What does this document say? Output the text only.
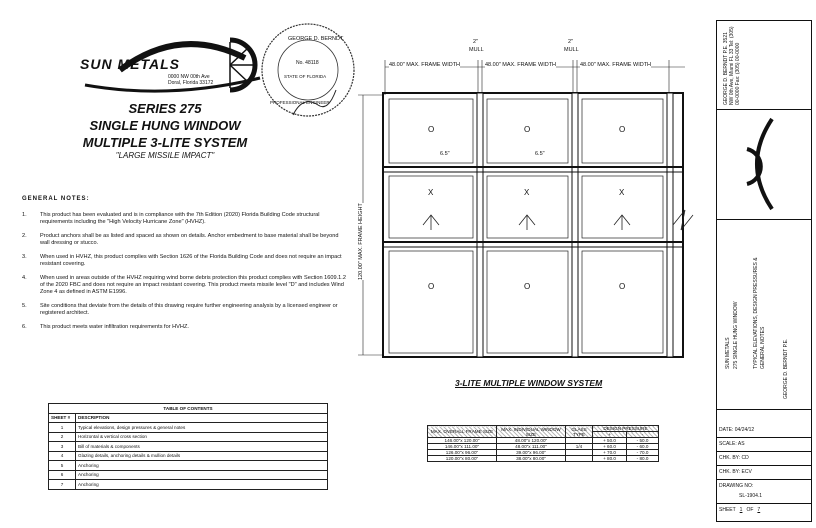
SUN METALS
0000 NW 00th Ave
Doral, Florida 33172
GEORGE D. BERNDT
No. 48118
STATE OF FLORIDA
PROFESSIONAL ENGINEER
SERIES 275
SINGLE HUNG WINDOW
MULTIPLE 3-LITE SYSTEM
"LARGE MISSILE IMPACT"
GENERAL NOTES:
1.	This product has been evaluated and is in compliance with the 7th Edition (2020) Florida Building Code structural requirements including the "High Velocity Hurricane Zone" (HVHZ).
2.	Product anchors shall be as listed and spaced as shown on details. Anchor embedment to base material shall be beyond wall dressing or stucco.
3.	When used in HVHZ, this product complies with Section 1626 of the Florida Building Code and does not require an impact resistant covering.
4.	When used in areas outside of the HVHZ requiring wind borne debris protection this product complies with Section 1609.1.2 of the 2020 FBC and does not require an impact resistant covering. This product meets missile level "D" and includes Wind Zone 4 as defined in ASTM E1996.
5.	Site conditions that deviate from the details of this drawing require further engineering analysis by a licensed engineer or registered architect.
6.	This product meets water infiltration requirements for HVHZ.
TABLE OF CONTENTS	
SHEET #	DESCRIPTION
1	Typical elevations, design pressures & general notes
2	Horizontal & vertical cross section
3	Bill of materials & components
4	Glazing details, anchoring details & mullion details
5	Anchoring
6	Anchoring
7	Anchoring
2"
MULL
2"
MULL
48.00" MAX. FRAME WIDTH	48.00" MAX. FRAME WIDTH	48.00" MAX. FRAME WIDTH
120.00" MAX. FRAME HEIGHT
6.5"	6.5"
O	O	O
X	X	X
O	O	O
3-LITE MULTIPLE WINDOW SYSTEM
MAX. OVERALL FRAME SIZE	MAX. INDIVIDUAL WINDOW SIZE	GLASS TYPE	DESIGN PRESSURE	
			+	-
146.00"x 120.00"	48.00"x 120.00"		+ 50.0	- 50.0
146.00"x 111.00"	48.00"x 111.00"	1/4	+ 60.0	- 60.0
126.00"x 96.00"	39.00"x 96.00"		+ 70.0	- 70.0
120.00"x 80.00"	38.00"x 80.00"		+ 80.0	- 80.0
GEORGE D. BERNDT P.E. 3521 NW 0th Ave, Miami FL 33 Tel: (305) 00-0000 Fax: (305) 00-0000
SUN METALS 275 SINGLE HUNG WINDOW	TYPICAL ELEVATIONS, DESIGN PRESSURES & GENERAL NOTES	GEORGE D. BERNDT P.E.
DATE: 04/24/12
SCALE: AS
CHK. BY: CD
CHK. BY: ECV
DRAWING NO:
SL-1904.1
SHEET 1 OF 7
